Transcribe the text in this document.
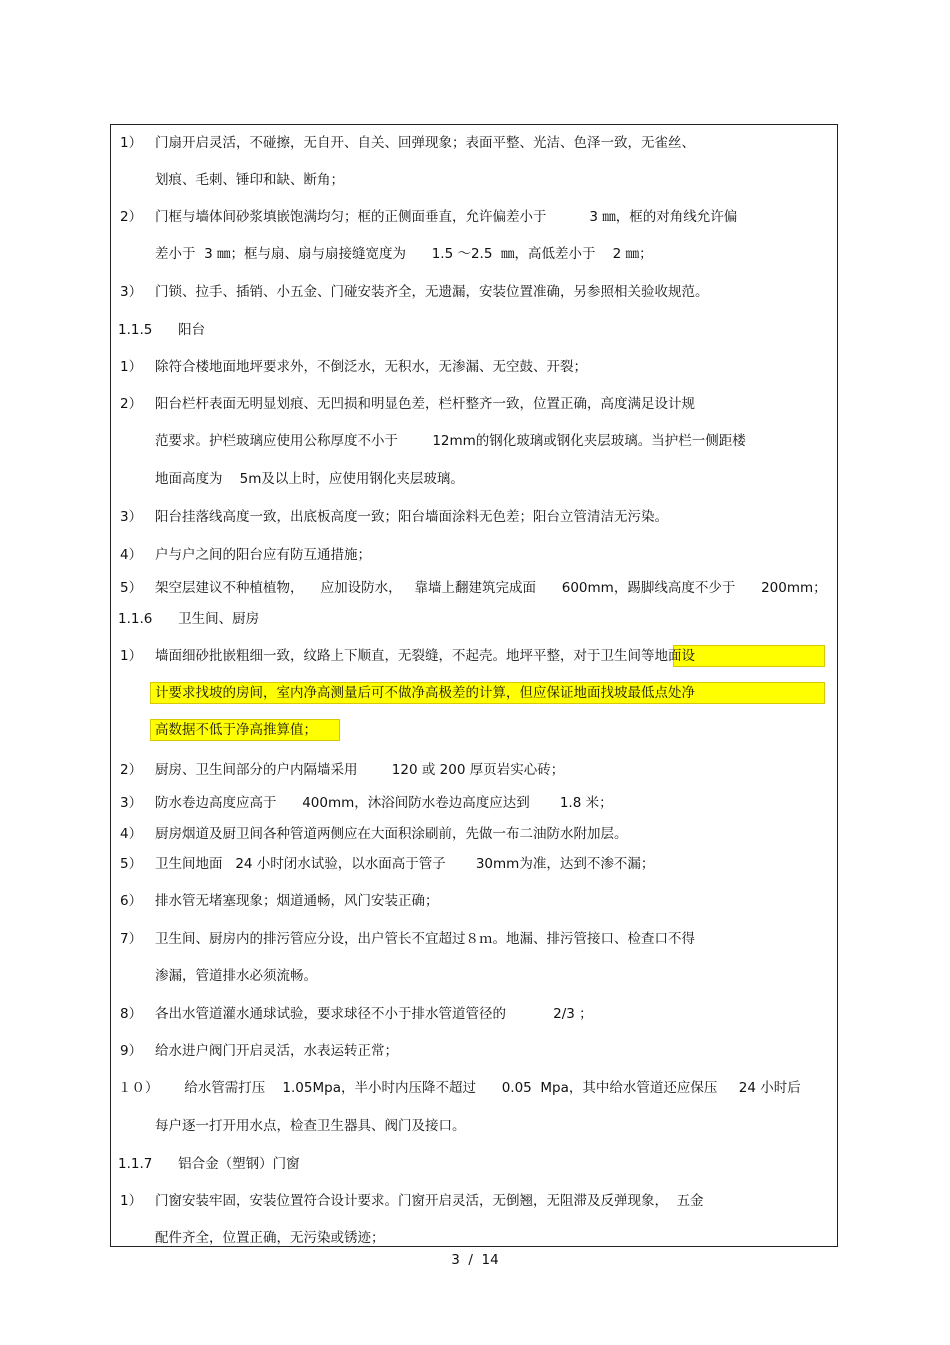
1）   门扇开启灵活，不碰擦，无自开、自关、回弹现象；表面平整、光洁、色泽一致，无雀丝、
划痕、毛刺、锤印和缺、断角；
2）   门框与墙体间砂浆填嵌饱满均匀；框的正侧面垂直，允许偏差小于          3 ㎜，框的对角线允许偏
差小于  3 ㎜；框与扇、扇与扇接缝宽度为      1.5 ～2.5  ㎜，高低差小于    2 ㎜；
3）   门锁、拉手、插销、小五金、门碰安装齐全，无遗漏，安装位置准确，另参照相关验收规范。
1.1.5      阳台
1）   除符合楼地面地坪要求外，不倒泛水，无积水，无渗漏、无空鼓、开裂；
2）   阳台栏杆表面无明显划痕、无凹损和明显色差，栏杆整齐一致，位置正确，高度满足设计规
范要求。护栏玻璃应使用公称厚度不小于        12mm的钢化玻璃或钢化夹层玻璃。当护栏一侧距楼
地面高度为    5m及以上时，应使用钢化夹层玻璃。
3）   阳台挂落线高度一致，出底板高度一致；阳台墙面涂料无色差；阳台立管清洁无污染。
4）   户与户之间的阳台应有防互通措施；
5）   架空层建议不种植植物，    应加设防水，   靠墙上翻建筑完成面      600mm，踢脚线高度不少于      200mm；
1.1.6      卫生间、厨房
1）   墙面细砂批嵌粗细一致，纹路上下顺直，无裂缝，不起壳。地坪平整，对于卫生间等地面设
计要求找坡的房间，室内净高测量后可不做净高极差的计算，但应保证地面找坡最低点处净
高数据不低于净高推算值；
2）   厨房、卫生间部分的户内隔墙采用        120 或 200 厚页岩实心砖；
3）   防水卷边高度应高于      400mm，沐浴间防水卷边高度应达到       1.8 米；
4）   厨房烟道及厨卫间各种管道两侧应在大面积涂刷前，先做一布二油防水附加层。
5）   卫生间地面   24 小时闭水试验，以水面高于管子       30mm为准，达到不渗不漏；
6）   排水管无堵塞现象；烟道通畅，风门安装正确；
7）   卫生间、厨房内的排污管应分设，出户管长不宜超过８ｍ。地漏、排污管接口、检查口不得
渗漏，管道排水必须流畅。
8）   各出水管道灌水通球试验，要求球径不小于排水管道管径的           2/3 ；
9）   给水进户阀门开启灵活，水表运转正常；
１０）      给水管需打压    1.05Mpa，半小时内压降不超过      0.05  Mpa，其中给水管道还应保压     24 小时后
每户逐一打开用水点，检查卫生器具、阀门及接口。
1.1.7      铝合金（塑钢）门窗
1）   门窗安装牢固，安装位置符合设计要求。门窗开启灵活，无倒翘，无阻滞及反弹现象，  五金
配件齐全，位置正确，无污染或锈迹；
3  /  14
